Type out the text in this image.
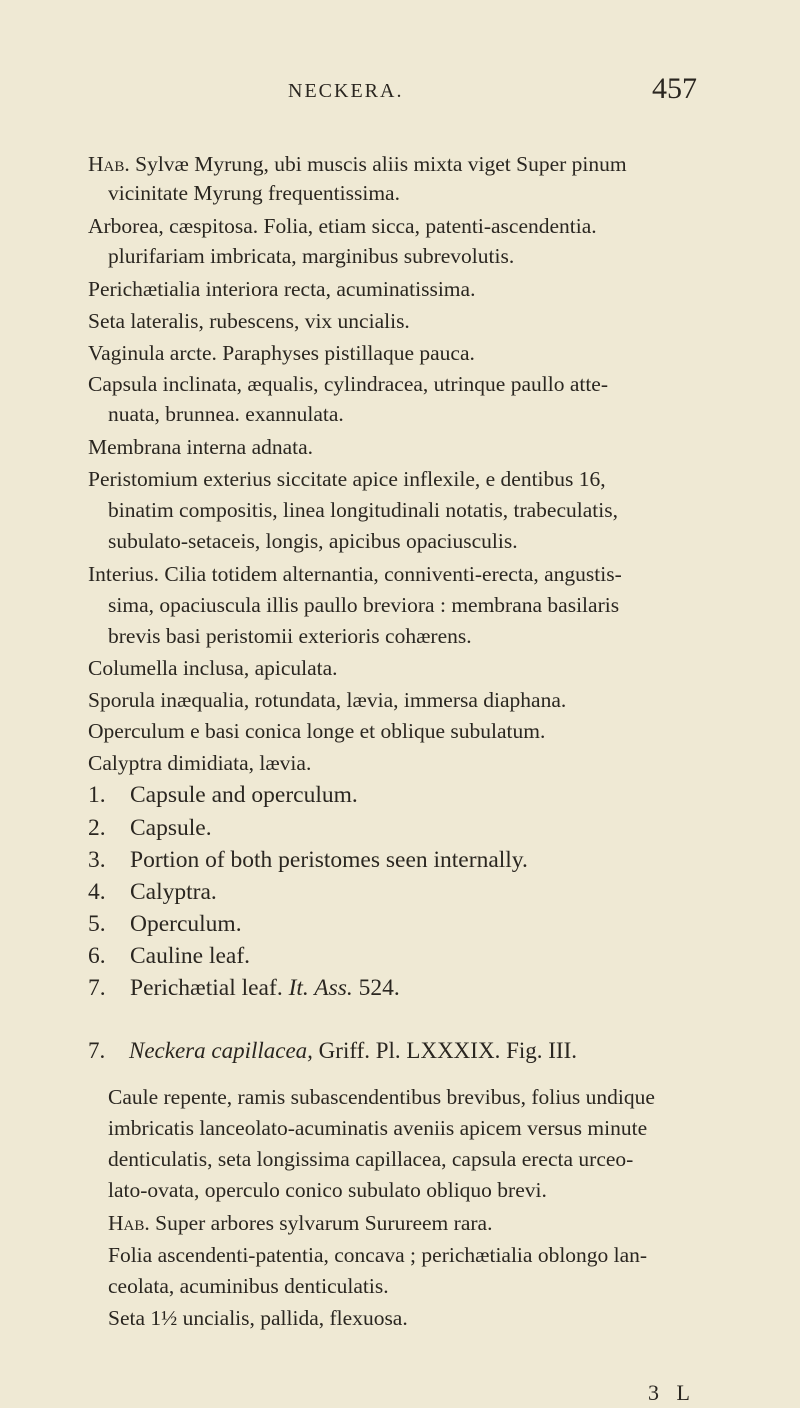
NECKERA.	457
Hab. Sylvæ Myrung, ubi muscis aliis mixta viget Super pinum
vicinitate Myrung frequentissima.
Arborea, cæspitosa. Folia, etiam sicca, patenti-ascendentia.
plurifariam imbricata, marginibus subrevolutis.
Perichætialia interiora recta, acuminatissima.
Seta lateralis, rubescens, vix uncialis.
Vaginula arcte. Paraphyses pistillaque pauca.
Capsula inclinata, æqualis, cylindracea, utrinque paullo atte-
nuata, brunnea. exannulata.
Membrana interna adnata.
Peristomium exterius siccitate apice inflexile, e dentibus 16,
binatim compositis, linea longitudinali notatis, trabeculatis,
subulato-setaceis, longis, apicibus opaciusculis.
Interius. Cilia totidem alternantia, conniventi-erecta, angustis-
sima, opaciuscula illis paullo breviora : membrana basilaris
brevis basi peristomii exterioris cohærens.
Columella inclusa, apiculata.
Sporula inæqualia, rotundata, lævia, immersa diaphana.
Operculum e basi conica longe et oblique subulatum.
Calyptra dimidiata, lævia.
1. Capsule and operculum.
2. Capsule.
3. Portion of both peristomes seen internally.
4. Calyptra.
5. Operculum.
6. Cauline leaf.
7. Perichætial leaf. It. Ass. 524.
7. Neckera capillacea, Griff. Pl. LXXXIX. Fig. III.
Caule repente, ramis subascendentibus brevibus, folius undique
imbricatis lanceolato-acuminatis aveniis apicem versus minute
denticulatis, seta longissima capillacea, capsula erecta urceo-
lato-ovata, operculo conico subulato obliquo brevi.
Hab. Super arbores sylvarum Surureem rara.
Folia ascendenti-patentia, concava ; perichætialia oblongo lan-
ceolata, acuminibus denticulatis.
Seta 1½ uncialis, pallida, flexuosa.
3 L
